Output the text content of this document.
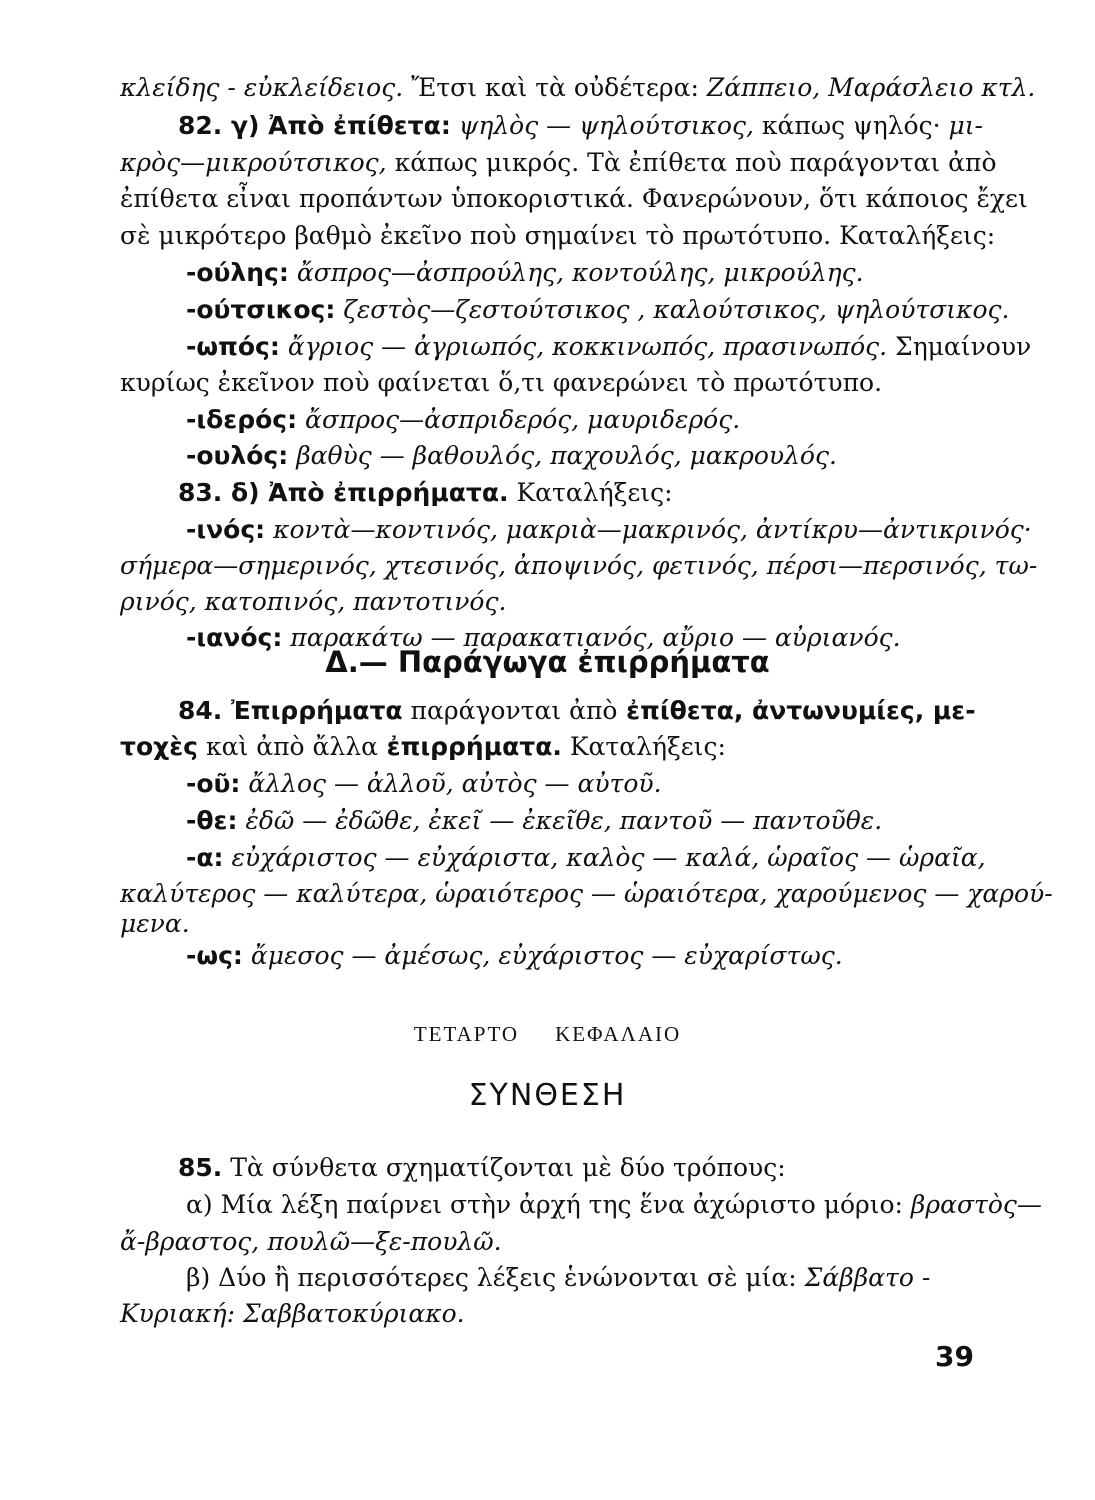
κλείδης - εὐκλείδειος. Ἔτσι καὶ τὰ οὐδέτερα: Ζάππειο, Μαράσλειο κτλ.
82. γ) Ἀπὸ ἐπίθετα: ψηλὸς — ψηλούτσικος, κάπως ψηλός· μι-
κρὸς—μικρούτσικος, κάπως μικρός. Τὰ ἐπίθετα ποὺ παράγονται ἀπὸ
ἐπίθετα εἶναι προπάντων ὑποκοριστικά. Φανερώνουν, ὅτι κάποιος ἔχει
σὲ μικρότερο βαθμὸ ἐκεῖνο ποὺ σημαίνει τὸ πρωτότυπο. Καταλήξεις:
-ούλης: ἄσπρος—ἀσπρούλης, κοντούλης, μικρούλης.
-ούτσικος: ζεστὸς—ζεστούτσικος , καλούτσικος, ψηλούτσικος.
-ωπός: ἄγριος — ἀγριωπός, κοκκινωπός, πρασινωπός. Σημαίνουν
κυρίως ἐκεῖνον ποὺ φαίνεται ὅ,τι φανερώνει τὸ πρωτότυπο.
-ιδερός: ἄσπρος—ἀσπριδερός, μαυριδερός.
-ουλός: βαθὺς — βαθουλός, παχουλός, μακρουλός.
83. δ) Ἀπὸ ἐπιρρήματα. Καταλήξεις:
-ινός: κοντὰ—κοντινός, μακριὰ—μακρινός, ἀντίκρυ—ἀντικρινός·
σήμερα—σημερινός, χτεσινός, ἀποψινός, φετινός, πέρσι—περσινός, τω-
ρινός, κατοπινός, παντοτινός.
-ιανός: παρακάτω — παρακατιανός, αὔριο — αὐριανός.
Δ.— Παράγωγα ἐπιρρήματα
84. Ἐπιρρήματα παράγονται ἀπὸ ἐπίθετα, ἀντωνυμίες, με-
τοχὲς καὶ ἀπὸ ἄλλα ἐπιρρήματα. Καταλήξεις:
-οῦ: ἄλλος — ἀλλοῦ, αὐτὸς — αὐτοῦ.
-θε: ἐδῶ — ἐδῶθε, ἐκεῖ — ἐκεῖθε, παντοῦ — παντοῦθε.
-α: εὐχάριστος — εὐχάριστα, καλὸς — καλά, ὡραῖος — ὡραῖα,
καλύτερος — καλύτερα, ὡραιότερος — ὡραιότερα, χαρούμενος — χαρού-
μενα.
-ως: ἄμεσος — ἀμέσως, εὐχάριστος — εὐχαρίστως.
ΤΕΤΑΡΤΟ ΚΕΦΑΛΑΙΟ
ΣΥΝΘΕΣΗ
85. Τὰ σύνθετα σχηματίζονται μὲ δύο τρόπους:
α) Μία λέξη παίρνει στὴν ἀρχή της ἕνα ἀχώριστο μόριο: βραστὸς—
ἄ-βραστος, πουλῶ—ξε-πουλῶ.
β) Δύο ἢ περισσότερες λέξεις ἑνώνονται σὲ μία: Σάββατο -
Κυριακή: Σαββατοκύριακο.
39
